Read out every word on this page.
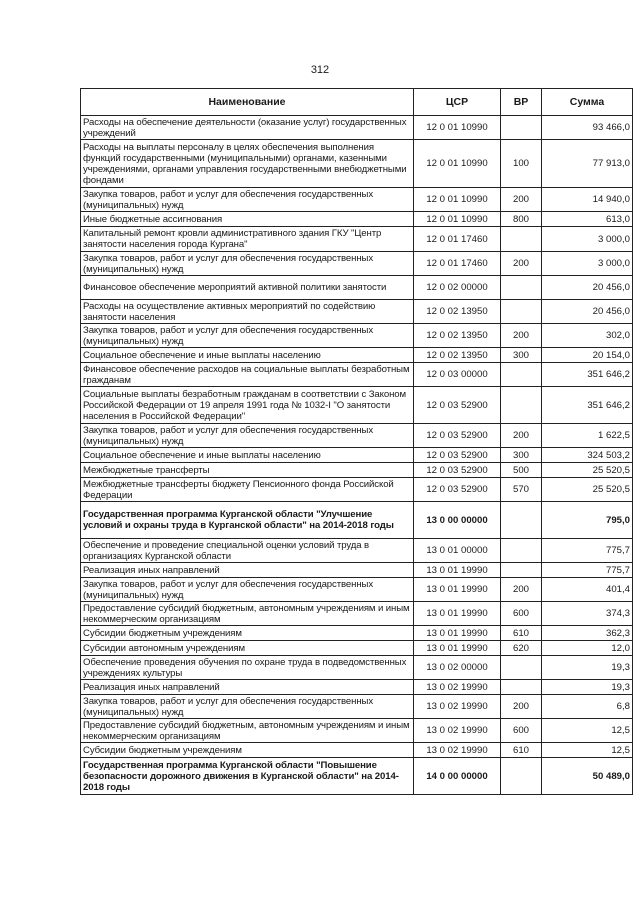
312
Наименование	ЦСР	ВР	Сумма
Расходы на обеспечение деятельности (оказание услуг) государственных учреждений	12 0 01 10990		93 466,0
Расходы на выплаты персоналу в целях обеспечения выполнения функций государственными (муниципальными) органами, казенными учреждениями, органами управления государственными внебюджетными фондами	12 0 01 10990	100	77 913,0
Закупка товаров, работ и услуг для обеспечения государственных (муниципальных) нужд	12 0 01 10990	200	14 940,0
Иные бюджетные ассигнования	12 0 01 10990	800	613,0
Капитальный ремонт кровли административного здания ГКУ "Центр занятости населения города Кургана"	12 0 01 17460		3 000,0
Закупка товаров, работ и услуг для обеспечения государственных (муниципальных) нужд	12 0 01 17460	200	3 000,0
Финансовое обеспечение мероприятий активной политики занятости	12 0 02 00000		20 456,0
Расходы на осуществление активных мероприятий по содействию занятости населения	12 0 02 13950		20 456,0
Закупка товаров, работ и услуг для обеспечения государственных (муниципальных) нужд	12 0 02 13950	200	302,0
Социальное обеспечение и иные выплаты населению	12 0 02 13950	300	20 154,0
Финансовое обеспечение расходов на социальные выплаты безработным гражданам	12 0 03 00000		351 646,2
Социальные выплаты безработным гражданам в соответствии с Законом Российской Федерации от 19 апреля 1991 года № 1032-I "О занятости населения в Российской Федерации"	12 0 03 52900		351 646,2
Закупка товаров, работ и услуг для обеспечения государственных (муниципальных) нужд	12 0 03 52900	200	1 622,5
Социальное обеспечение и иные выплаты населению	12 0 03 52900	300	324 503,2
Межбюджетные трансферты	12 0 03 52900	500	25 520,5
Межбюджетные трансферты бюджету Пенсионного фонда Российской Федерации	12 0 03 52900	570	25 520,5
Государственная программа Курганской области "Улучшение условий и охраны труда в Курганской области" на 2014-2018 годы	13 0 00 00000		795,0
Обеспечение и проведение специальной оценки условий труда в организациях Курганской области	13 0 01 00000		775,7
Реализация иных направлений	13 0 01 19990		775,7
Закупка товаров, работ и услуг для обеспечения государственных (муниципальных) нужд	13 0 01 19990	200	401,4
Предоставление субсидий бюджетным, автономным учреждениям и иным некоммерческим организациям	13 0 01 19990	600	374,3
Субсидии бюджетным учреждениям	13 0 01 19990	610	362,3
Субсидии автономным учреждениям	13 0 01 19990	620	12,0
Обеспечение проведения обучения по охране труда в подведомственных учреждениях культуры	13 0 02 00000		19,3
Реализация иных направлений	13 0 02 19990		19,3
Закупка товаров, работ и услуг для обеспечения государственных (муниципальных) нужд	13 0 02 19990	200	6,8
Предоставление субсидий бюджетным, автономным учреждениям и иным некоммерческим организациям	13 0 02 19990	600	12,5
Субсидии бюджетным учреждениям	13 0 02 19990	610	12,5
Государственная программа Курганской области "Повышение безопасности дорожного движения в Курганской области" на 2014-2018 годы	14 0 00 00000		50 489,0
